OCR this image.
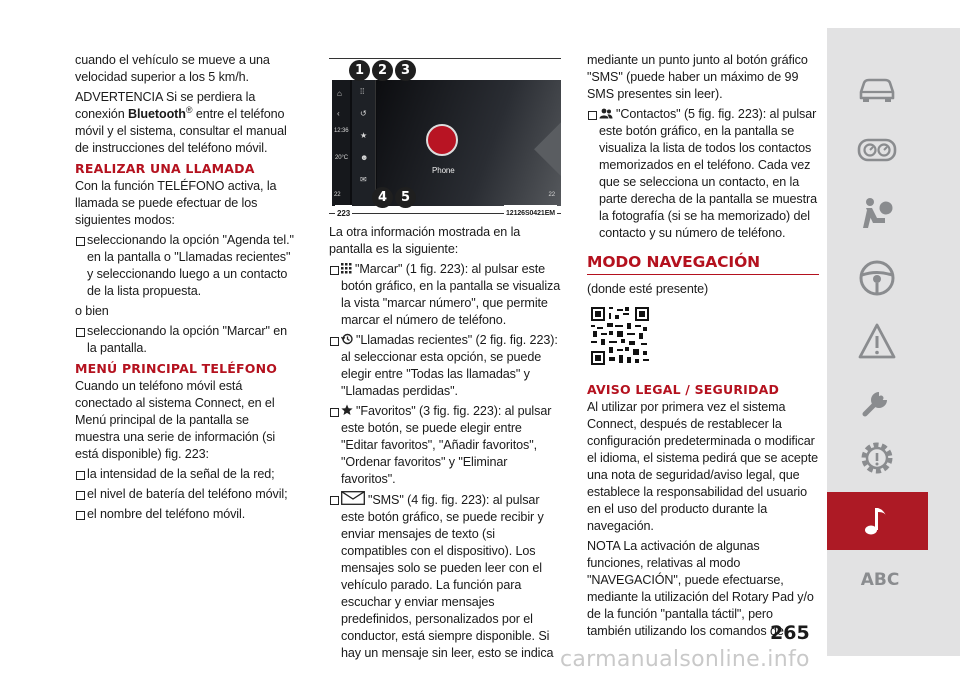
cuando el vehículo se mueve a una velocidad superior a los 5 km/h.

ADVERTENCIA Si se perdiera la conexión Bluetooth® entre el teléfono móvil y el sistema, consultar el manual de instrucciones del teléfono móvil.

REALIZAR UNA LLAMADA

Con la función TELÉFONO activa, la llamada se puede efectuar de los siguientes modos:

seleccionando la opción "Agenda tel." en la pantalla o "Llamadas recientes" y seleccionando luego a un contacto de la lista propuesta.

o bien

seleccionando la opción "Marcar" en la pantalla.

MENÚ PRINCIPAL TELÉFONO

Cuando un teléfono móvil está conectado al sistema Connect, en el Menú principal de la pantalla se muestra una serie de información (si está disponible) fig. 223:

la intensidad de la señal de la red;

el nivel de batería del teléfono móvil;

el nombre del teléfono móvil.

⌂
‹
12:36
20°C
22
⁞⁞
↺
★
☻
✉
Phone
22
1	2	3
4	5
223	12126S0421EM

La otra información mostrada en la pantalla es la siguiente:

"Marcar" (1 fig. 223): al pulsar este botón gráfico, en la pantalla se visualiza la vista "marcar número", que permite marcar el número de teléfono.

"Llamadas recientes" (2 fig. fig. 223): al seleccionar esta opción, se puede elegir entre "Todas las llamadas" y "Llamadas perdidas".

"Favoritos" (3 fig. fig. 223): al pulsar este botón, se puede elegir entre "Editar favoritos", "Añadir favoritos", "Ordenar favoritos" y "Eliminar favoritos".

"SMS" (4 fig. fig. 223): al pulsar este botón gráfico, se puede recibir y enviar mensajes de texto (si compatibles con el dispositivo). Los mensajes solo se pueden leer con el vehículo parado. La función para escuchar y enviar mensajes predefinidos, personalizados por el conductor, está siempre disponible. Si hay un mensaje sin leer, esto se indica

mediante un punto junto al botón gráfico "SMS" (puede haber un máximo de 99 SMS presentes sin leer).

"Contactos" (5 fig. fig. 223): al pulsar este botón gráfico, en la pantalla se visualiza la lista de todos los contactos memorizados en el teléfono. Cada vez que se selecciona un contacto, en la parte derecha de la pantalla se muestra la fotografía (si se ha memorizado) del contacto y su número de teléfono.

MODO NAVEGACIÓN

(donde esté presente)

AVISO LEGAL / SEGURIDAD

Al utilizar por primera vez el sistema Connect, después de restablecer la configuración predeterminada o modificar el idioma, el sistema pedirá que se acepte una nota de seguridad/aviso legal, que establece la responsabilidad del usuario en el uso del producto durante la navegación.

NOTA La activación de algunas funciones, relativas al modo "NAVEGACIÓN", puede efectuarse, mediante la utilización del Rotary Pad y/o de la función "pantalla táctil", pero también utilizando los comandos de

265
ABC
carmanualsonline.info
